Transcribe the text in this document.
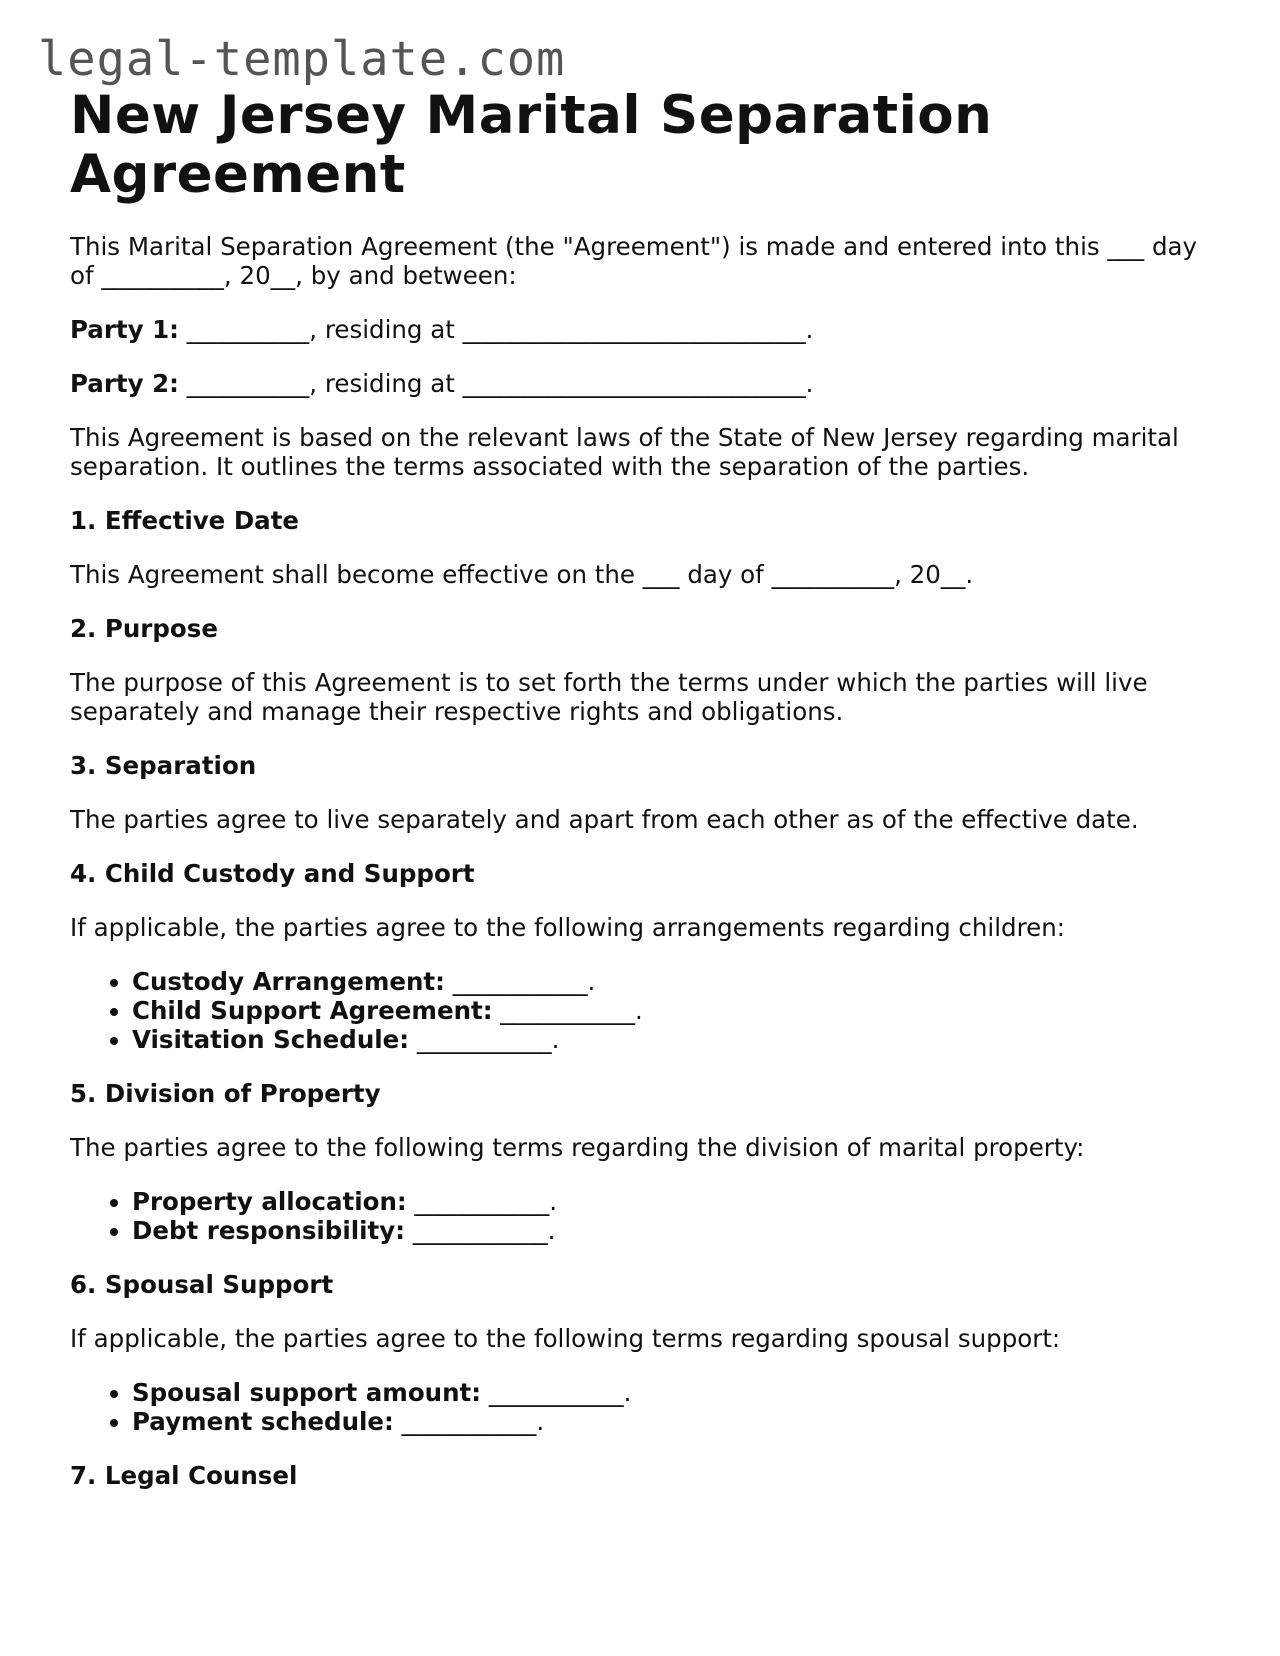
legal-template.com
New Jersey Marital Separation Agreement

This Marital Separation Agreement (the "Agreement") is made and entered into this ___ day of __________, 20__, by and between:

Party 1: __________, residing at ____________________________.

Party 2: __________, residing at ____________________________.

This Agreement is based on the relevant laws of the State of New Jersey regarding marital separation. It outlines the terms associated with the separation of the parties.

1. Effective Date

This Agreement shall become effective on the ___ day of __________, 20__.

2. Purpose

The purpose of this Agreement is to set forth the terms under which the parties will live separately and manage their respective rights and obligations.

3. Separation

The parties agree to live separately and apart from each other as of the effective date.

4. Child Custody and Support

If applicable, the parties agree to the following arrangements regarding children:

• Custody Arrangement: ___________.
• Child Support Agreement: ___________.
• Visitation Schedule: ___________.
5. Division of Property

The parties agree to the following terms regarding the division of marital property:

• Property allocation: ___________.
• Debt responsibility: ___________.
6. Spousal Support

If applicable, the parties agree to the following terms regarding spousal support:

• Spousal support amount: ___________.
• Payment schedule: ___________.
7. Legal Counsel
